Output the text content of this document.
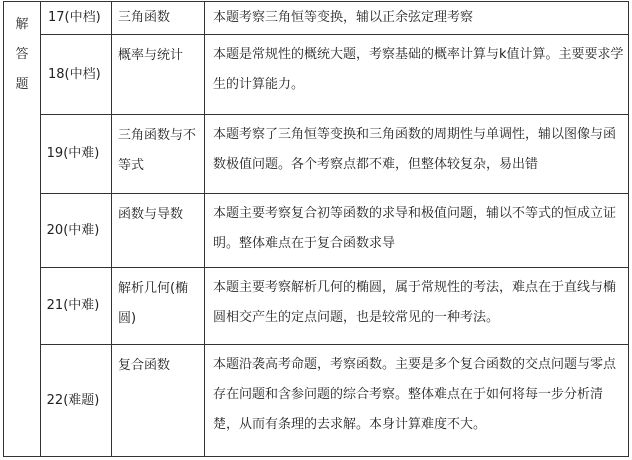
解答题	17(中档)	三角函数	本题考察三角恒等变换，辅以正余弦定理考察
	18(中档)	概率与统计	本题是常规性的概统大题，考察基础的概率计算与k值计算。主要要求学生的计算能力。
	19(中难)	三角函数与不等式	本题考察了三角恒等变换和三角函数的周期性与单调性，辅以图像与函数极值问题。各个考察点都不难，但整体较复杂，易出错
	20(中难)	函数与导数	本题主要考察复合初等函数的求导和极值问题，辅以不等式的恒成立证明。整体难点在于复合函数求导
	21(中难)	解析几何(椭圆)	本题主要考察解析几何的椭圆，属于常规性的考法，难点在于直线与椭圆相交产生的定点问题，也是较常见的一种考法。
	22(难题)	复合函数	本题沿袭高考命题，考察函数。主要是多个复合函数的交点问题与零点存在问题和含参问题的综合考察。整体难点在于如何将每一步分析清楚，从而有条理的去求解。本身计算难度不大。
